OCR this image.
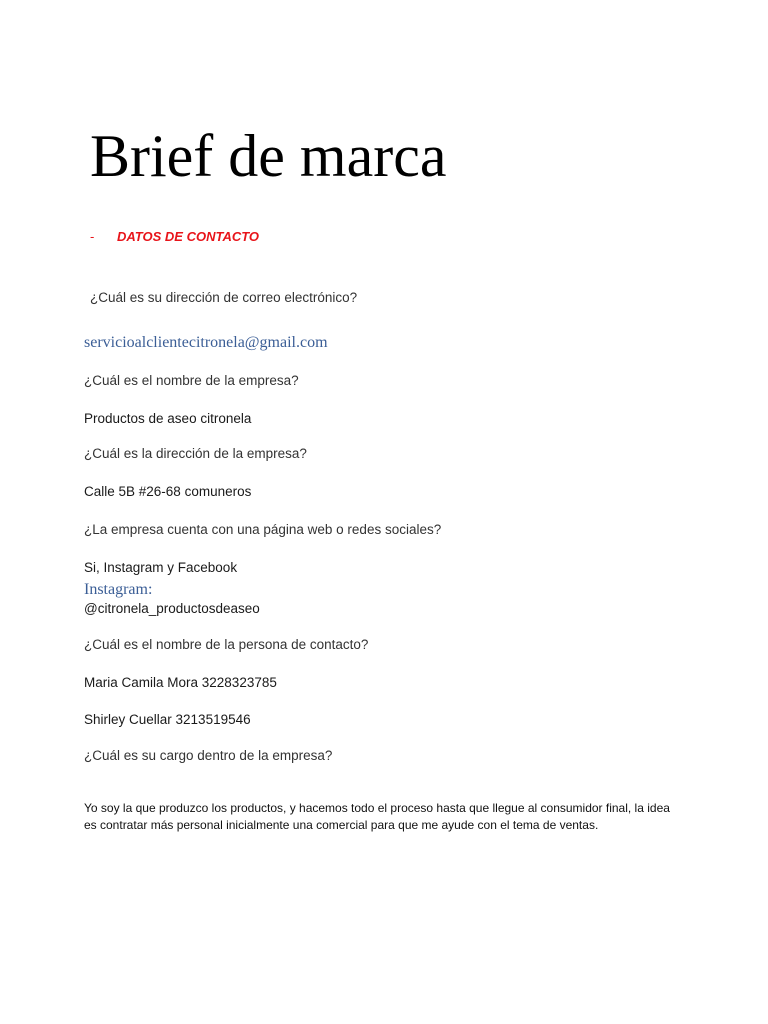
Brief de marca
- DATOS DE CONTACTO
¿Cuál es su dirección de correo electrónico?
servicioalclientecitronela@gmail.com
¿Cuál es el nombre de la empresa?
Productos de aseo citronela
¿Cuál es la dirección de la empresa?
Calle 5B #26-68 comuneros
¿La empresa cuenta con una página web o redes sociales?
Si, Instagram y Facebook
Instagram:
@citronela_productosdeaseo
¿Cuál es el nombre de la persona de contacto?
Maria Camila Mora 3228323785
Shirley Cuellar 3213519546
¿Cuál es su cargo dentro de la empresa?
Yo soy la que produzco los productos, y hacemos todo el proceso hasta que llegue al consumidor final, la idea es contratar más personal inicialmente una comercial para que me ayude con el tema de ventas.
